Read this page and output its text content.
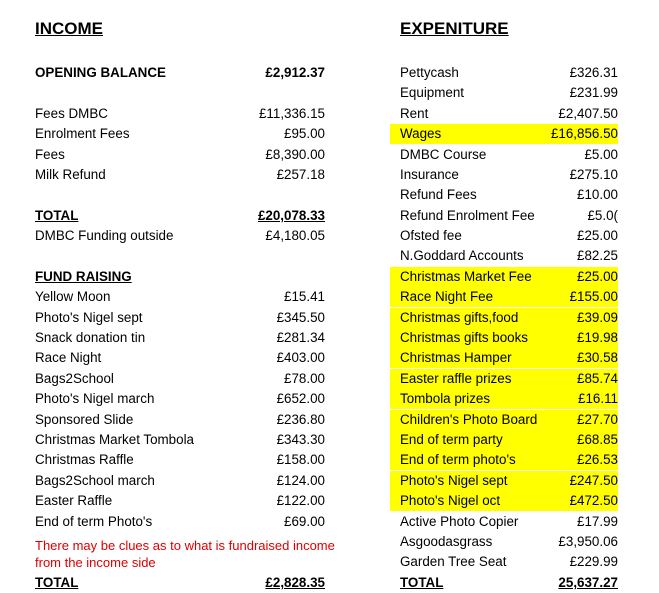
INCOME
OPENING BALANCE	£2,912.37
Fees DMBC	£11,336.15
Enrolment Fees	£95.00
Fees	£8,390.00
Milk Refund	£257.18
TOTAL	£20,078.33
DMBC Funding outside	£4,180.05
FUND RAISING
Yellow Moon	£15.41
Photo's Nigel sept	£345.50
Snack donation tin	£281.34
Race Night	£403.00
Bags2School	£78.00
Photo's Nigel march	£652.00
Sponsored Slide	£236.80
Christmas Market Tombola	£343.30
Christmas Raffle	£158.00
Bags2School march	£124.00
Easter Raffle	£122.00
End of term Photo's	£69.00
There may be clues as to what is fundraised income from the income side
TOTAL	£2,828.35
EXPENITURE
Pettycash	£326.31
Equipment	£231.99
Rent	£2,407.50
Wages	£16,856.50
DMBC Course	£5.00
Insurance	£275.10
Refund Fees	£10.00
Refund Enrolment Fee	£5.0(
Ofsted fee	£25.00
N.Goddard Accounts	£82.25
Christmas Market Fee	£25.00
Race Night Fee	£155.00
Christmas gifts,food	£39.09
Christmas gifts books	£19.98
Christmas Hamper	£30.58
Easter raffle prizes	£85.74
Tombola prizes	£16.11
Children's Photo Board	£27.70
End of term party	£68.85
End of term photo's	£26.53
Photo's Nigel sept	£247.50
Photo's Nigel oct	£472.50
Active Photo Copier	£17.99
Asgoodasgrass	£3,950.06
Garden Tree Seat	£229.99
TOTAL	25,637.27
